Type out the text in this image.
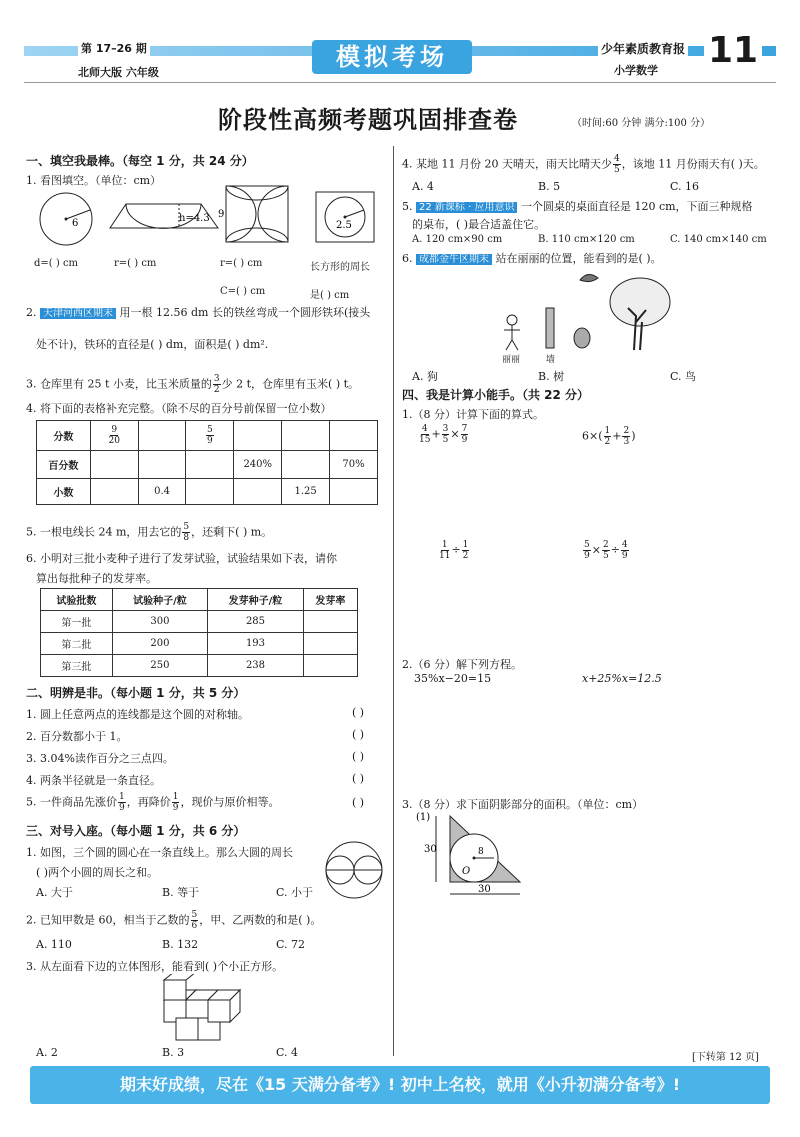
第 17–26 期
北师大版 六年级
模拟考场	少年素质教育报
小学数学 11
阶段性高频考题巩固排查卷	（时间:60 分钟 满分:100 分）
一、填空我最棒。（每空 1 分，共 24 分）
1. 看图填空。（单位：cm）
6	h=4.3 9
2.5
d=( ) cm	r=( ) cm	r=( ) cm	长方形的周长
C=( ) cm	是( ) cm
2. 天津河西区期末 用一根 12.56 dm 长的铁丝弯成一个圆形铁环(接头
处不计)，铁环的直径是( ) dm，面积是( ) dm².
3. 仓库里有 25 t 小麦，比玉米质量的 $\frac{3}{2}$ 少 2 t，仓库里有玉米( ) t。
4. 将下面的表格补充完整。（除不尽的百分号前保留一位小数）
分数	$\frac{9}{20}$		$\frac{5}{9}$

百分数				240%		70%
小数		0.4			1.25	
5. 一根电线长 24 m，用去它的 $\frac{5}{8}$ ，还剩下( ) m。
6. 小明对三批小麦种子进行了发芽试验，试验结果如下表，请你
算出每批种子的发芽率。
试验批数	试验种子/粒	发芽种子/粒	发芽率
第一批	300	285	
第二批	200	193	
第三批	250	238	
二、明辨是非。（每小题 1 分，共 5 分）
1. 圆上任意两点的连线都是这个圆的对称轴。
2. 百分数都小于 1。
3. 3.04%读作百分之三点四。
4. 两条半径就是一条直径。
5. 一件商品先涨价 $\frac{1}{9}$ ，再降价 $\frac{1}{9}$ ，现价与原价相等。
( )
( )
( )
( )
( )
三、对号入座。（每小题 1 分，共 6 分）
1. 如图，三个圆的圆心在一条直线上。那么大圆的周长
( )两个小圆的周长之和。
A. 大于	B. 等于	C. 小于
2. 已知甲数是 60，相当于乙数的 $\frac{5}{6}$ ，甲、乙两数的和是( )。
A. 110	B. 132	C. 72
3. 从左面看下边的立体图形，能看到( )个小正方形。
A. 2	B. 3	C. 4
4. 某地 11 月份 20 天晴天，雨天比晴天少 $\frac{4}{5}$ ，该地 11 月份雨天有( )天。
A. 4	B. 5	C. 16
5. 22 新课标 · 应用意识 一个圆桌的桌面直径是 120 cm，下面三种规格
的桌布，( )最合适盖住它。
A. 120 cm×90 cm	B. 110 cm×120 cm	C. 140 cm×140 cm
6. 成都金牛区期末 站在丽丽的位置，能看到的是( )。
丽丽	墙
A. 狗	B. 树	C. 鸟
四、我是计算小能手。（共 22 分）
1.（8 分）计算下面的算式。
$\frac{4}{15} + \frac{3}{5} \times \frac{7}{9}$	$6\times( \frac{1}{2} + \frac{2}{3}$ )
$\frac{1}{11} \div \frac{1}{2}$	$\frac{5}{9} \times \frac{2}{5} \div \frac{4}{9}$
2.（6 分）解下列方程。
35%x−20=15	x+25%x=12.5
3.（8 分）求下面阴影部分的面积。（单位：cm）
(1)
30	8
O
30
[下转第 12 页]
期末好成绩，尽在《15 天满分备考》! 初中上名校，就用《小升初满分备考》!
